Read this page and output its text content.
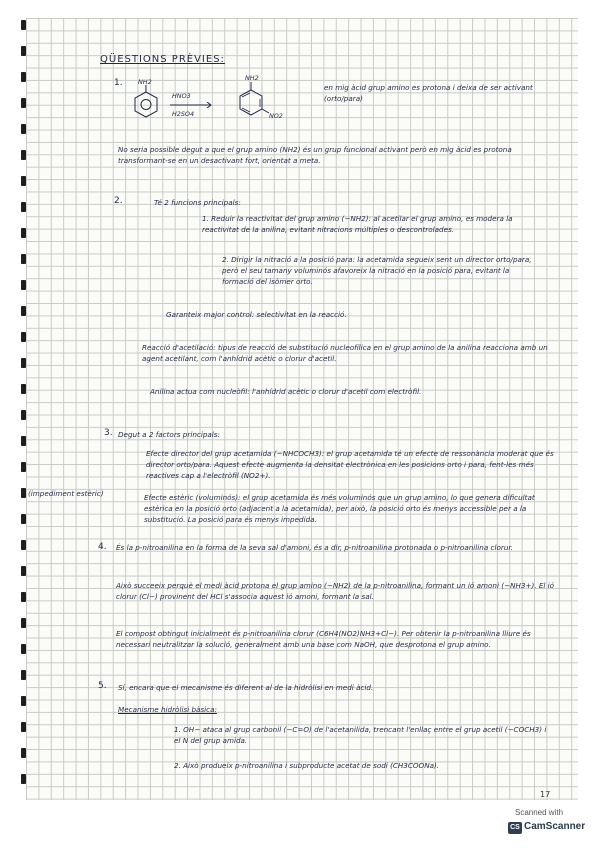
QÜESTIONS PRÈVIES:
1. NH2
HNO3
H2SO4
NH2
NO2
en mig àcid grup amino es protona i deixa de ser activant (orto/para)
No seria possible degut a que el grup amino (NH2) és un grup funcional activant però en mig àcid es protona transformant-se en un desactivant fort, orientat a meta.
2.	Té 2 funcions principals:
1. Reduir la reactivitat del grup amino (−NH2): al acetilar el grup amino, es modera la reactivitat de la anilina, evitant nitracions múltiples o descontrolades.
2. Dirigir la nitració a la posició para: la acetamida segueix sent un director orto/para, però el seu tamany voluminós afavoreix la nitració en la posició para, evitant la formació del isòmer orto.
Garanteix major control: selectivitat en la reacció.
Reacció d'acetilació: tipus de reacció de substitució nucleofílica en el grup amino de la anilina reacciona amb un agent acetilant, com l'anhídrid acètic o clorur d'acetil.
Anilina actua com nucleòfil: l'anhídrid acètic o clorur d'acetil com electròfil.
3. Degut a 2 factors principals:
Efecte director del grup acetamida (−NHCOCH3): el grup acetamida té un efecte de ressonància moderat que és director orto/para. Aquest efecte augmenta la densitat electrònica en les posicions orto i para, fent-les més reactives cap a l'electròfil (NO2+).
(impediment estèric)	Efecte estèric (voluminós): el grup acetamida és més voluminós que un grup amino, lo que genera dificultat estèrica en la posició orto (adjacent a la acetamida), per això, la posició orto és menys accessible per a la substitució. La posició para és menys impedida.
4. És la p-nitroanilina en la forma de la seva sal d'amoni, és a dir, p-nitroanilina protonada o p-nitroanilina clorur.
Això succeeix perquè el medi àcid protona el grup amino (−NH2) de la p-nitroanilina, formant un ió amoni (−NH3+). El ió clorur (Cl−) provinent del HCl s'associa aquest ió amoni, formant la sal.
El compost obtingut inicialment és p-nitroanilina clorur (C6H4(NO2)NH3+Cl−). Per obtenir la p-nitroanilina lliure és necessari neutralitzar la solució, generalment amb una base com NaOH, que desprotona el grup amino.
5. Sí, encara que el mecanisme és diferent al de la hidròlisi en medi àcid.
Mecanisme hidròlisi bàsica:
1. OH− ataca al grup carbonil (−C=O) de l'acetanilida, trencant l'enllaç entre el grup acetil (−COCH3) i el N del grup amida.
2. Això produeix p-nitroanilina i subproducte acetat de sodi (CH3COONa).
17
Scanned with
CS CamScanner
